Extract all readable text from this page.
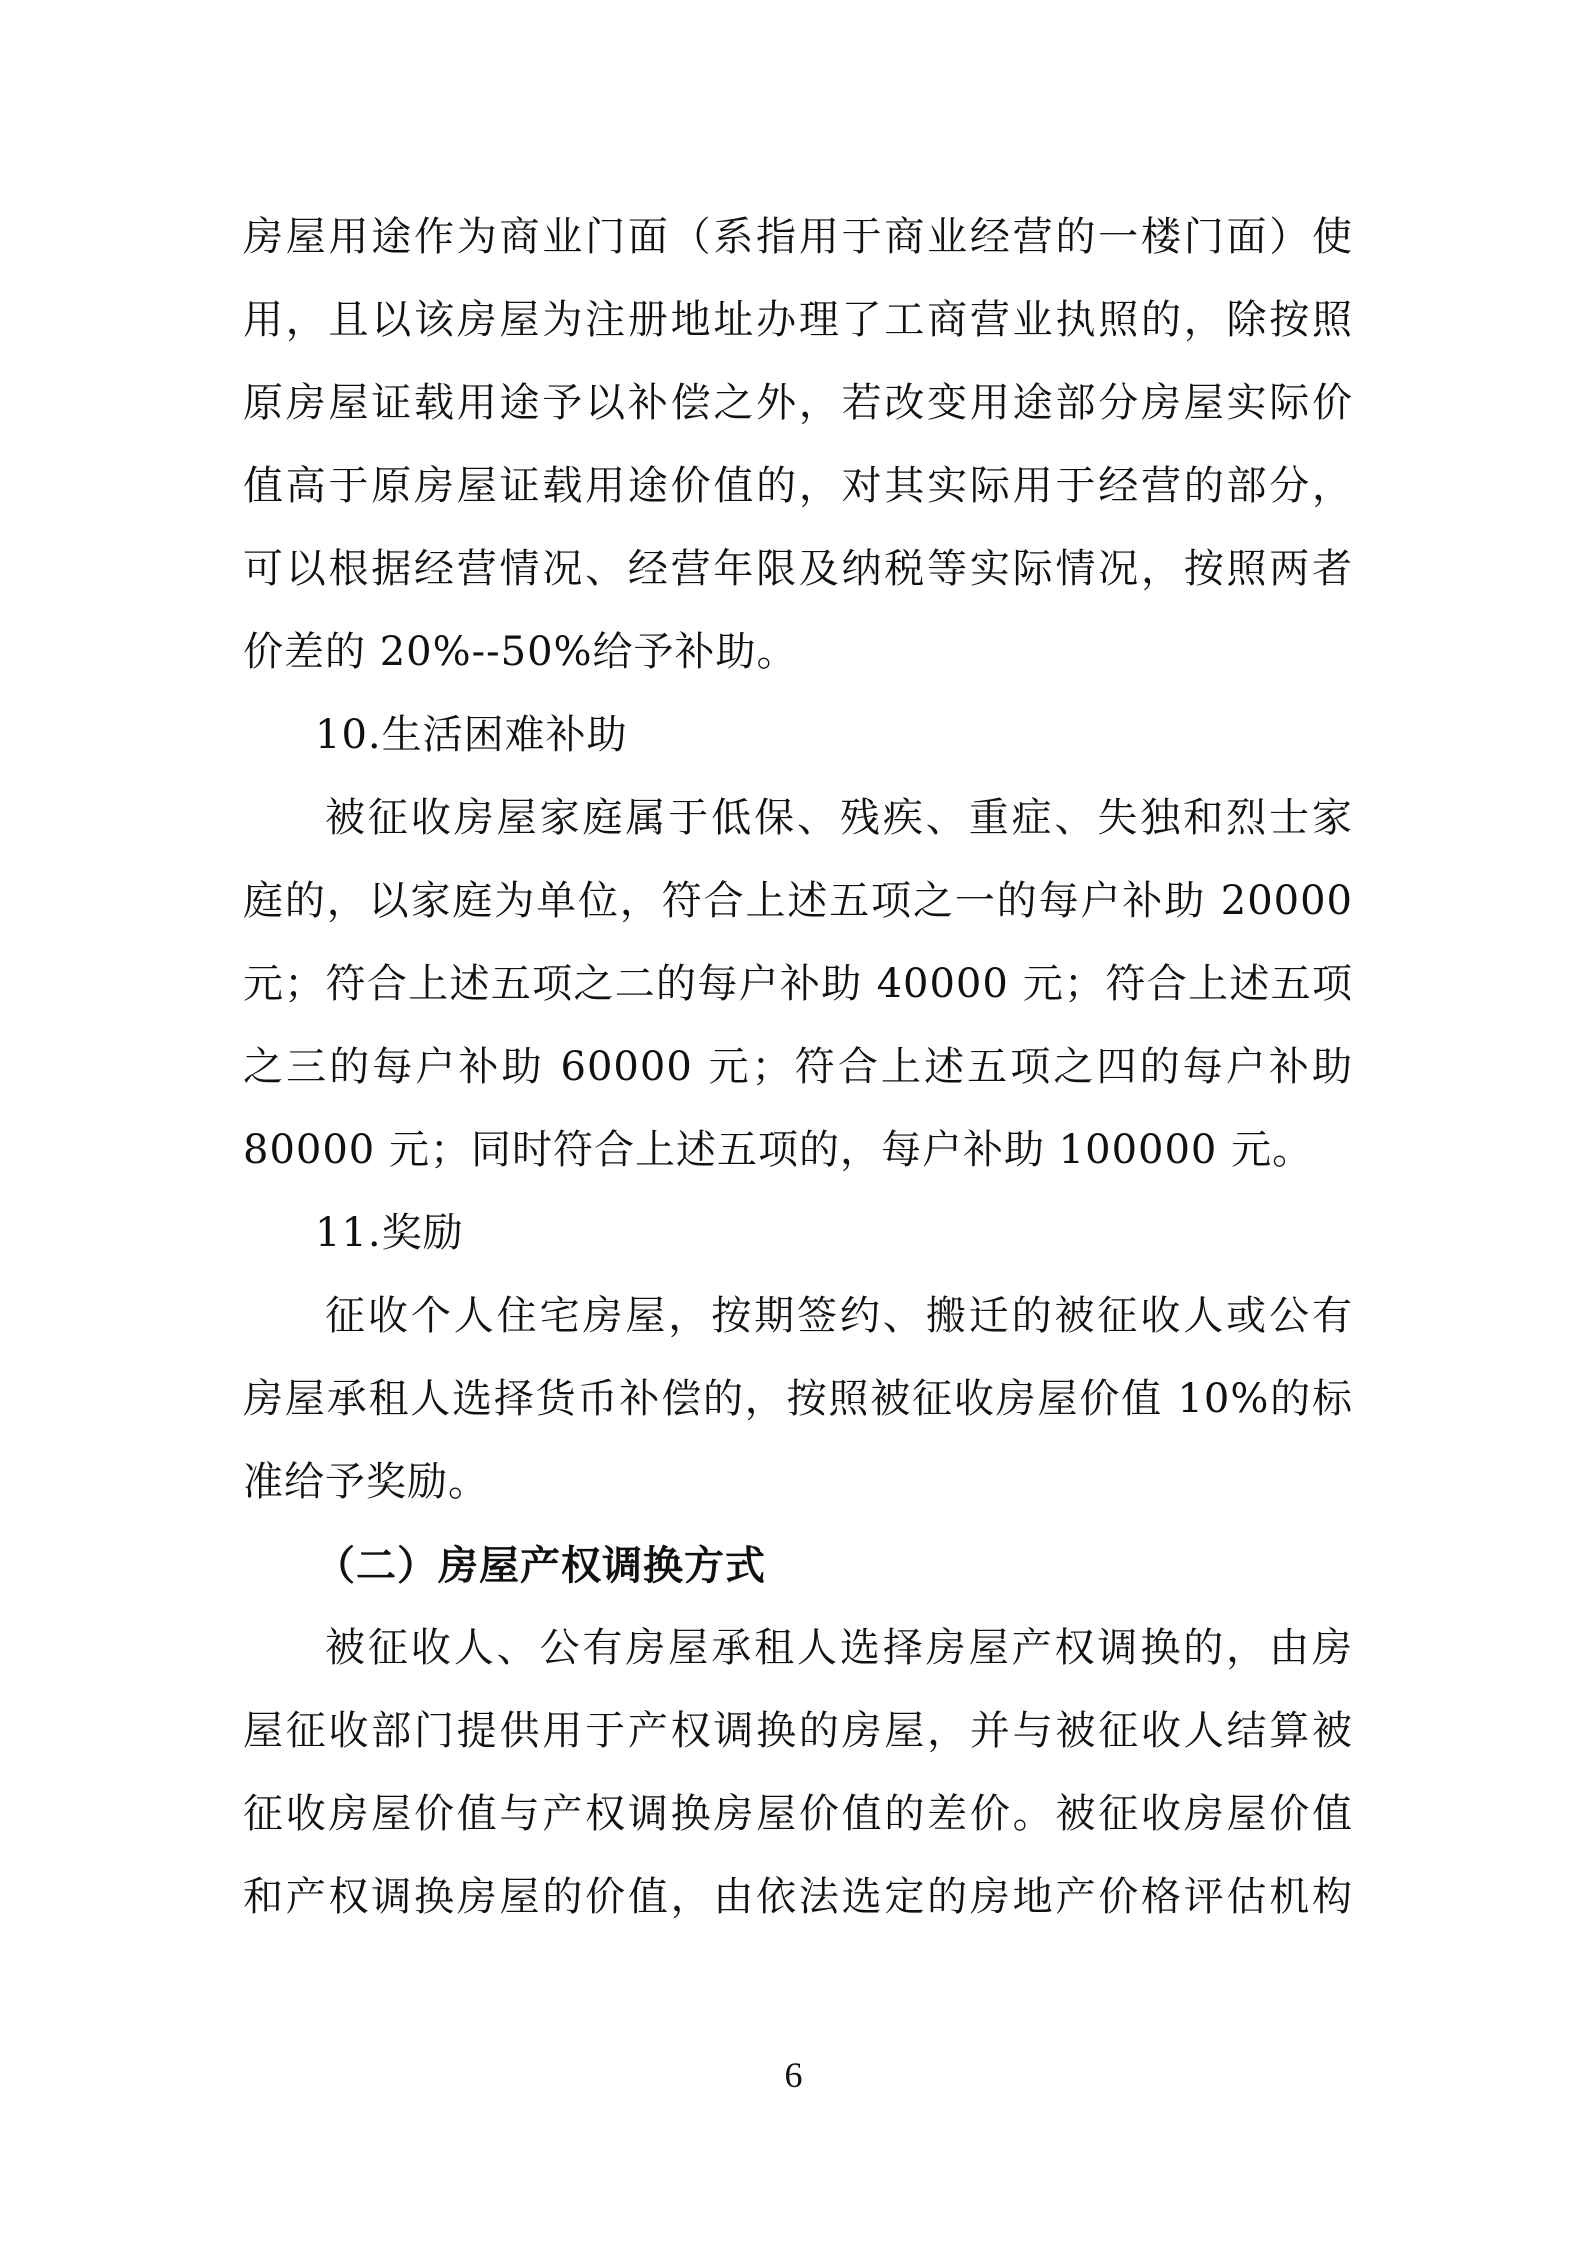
房屋用途作为商业门面（系指用于商业经营的一楼门面）使
用，且以该房屋为注册地址办理了工商营业执照的，除按照
原房屋证载用途予以补偿之外，若改变用途部分房屋实际价
值高于原房屋证载用途价值的，对其实际用于经营的部分，
可以根据经营情况、经营年限及纳税等实际情况，按照两者
价差的 20%--50%给予补助。
10.生活困难补助
被征收房屋家庭属于低保、残疾、重症、失独和烈士家
庭的，以家庭为单位，符合上述五项之一的每户补助 20000
元；符合上述五项之二的每户补助 40000 元；符合上述五项
之三的每户补助 60000 元；符合上述五项之四的每户补助
80000 元；同时符合上述五项的，每户补助 100000 元。
11.奖励
征收个人住宅房屋，按期签约、搬迁的被征收人或公有
房屋承租人选择货币补偿的，按照被征收房屋价值 10%的标
准给予奖励。
（二）房屋产权调换方式
被征收人、公有房屋承租人选择房屋产权调换的，由房
屋征收部门提供用于产权调换的房屋，并与被征收人结算被
征收房屋价值与产权调换房屋价值的差价。被征收房屋价值
和产权调换房屋的价值，由依法选定的房地产价格评估机构
6
